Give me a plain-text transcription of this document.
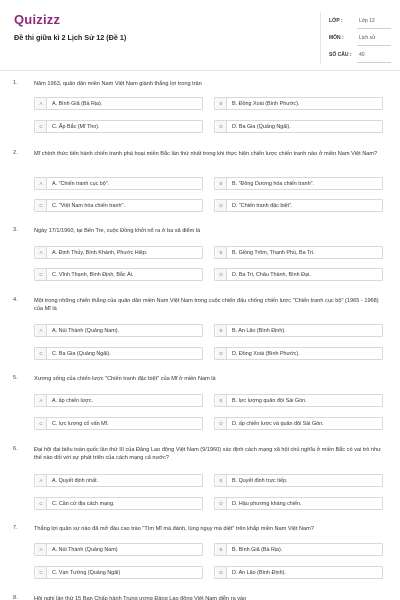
Quizizz
Đề thi giữa kì 2 Lịch Sử 12 (Đề 1)
LỚP :	Lớp 12
MÔN :	Lịch sử
SỐ CÂU :	40
1.	Năm 1963, quân dân miền Nam Việt Nam giành thắng lợi trong trận
A	A. Bình Giã (Bà Rịa).	B	B. Đồng Xoài (Bình Phước).
C	C. Ấp Bắc (Mĩ Tho).	D	D. Ba Gia (Quảng Ngãi).
2.	Mĩ chính thức tiến hành chiến tranh phá hoại miền Bắc lần thứ nhất trong khi thực hiện chiến lược chiến tranh nào ở miền Nam Việt Nam?
A	A. "Chiến tranh cục bộ".	B	B. "Đông Dương hóa chiến tranh".
C	C. "Việt Nam hóa chiến tranh".	D	D. "Chiến tranh đặc biệt".
3.	Ngày 17/1/1960, tại Bến Tre, cuộc Đồng khởi nổ ra ở ba xã điểm là
A	A. Định Thủy, Bình Khánh, Phước Hiệp.	B	B. Giồng Trôm, Thạnh Phú, Ba Tri.
C	C. Vĩnh Thạnh, Bình Định, Bắc Ái.	D	D. Ba Tri, Châu Thành, Bình Đại.
4.	Một trong những chiến thắng của quân dân miền Nam Việt Nam trong cuộc chiến đấu chống chiến lược "Chiến tranh cục bộ" (1965 - 1968) của Mĩ là
A	A. Núi Thành (Quảng Nam).	B	B. An Lão (Bình Định).
C	C. Ba Gia (Quảng Ngãi).	D	D. Đồng Xoài (Bình Phước).
5.	Xương sống của chiến lược "Chiến tranh đặc biệt" của Mĩ ở miền Nam là
A	A. ấp chiến lược.	B	B. lực lượng quân đội Sài Gòn.
C	C. lực lượng cố vấn Mĩ.	D	D. ấp chiến lược và quân đội Sài Gòn.
6.	Đại hội đại biểu toàn quốc lần thứ III của Đảng Lao động Việt Nam (9/1960) xác định cách mạng xã hội chủ nghĩa ở miền Bắc có vai trò như thế nào đối với sự phát triển của cách mạng cả nước?
A	A. Quyết định nhất.	B	B. Quyết định trực tiếp.
C	C. Cần cứ địa cách mạng.	D	D. Hậu phương kháng chiến.
7.	Thắng lợi quân sự nào đã mở đầu cao trào "Tìm Mĩ mà đánh, lùng ngụy mà diệt" trên khắp miền Nam Việt Nam?
A	A. Núi Thành (Quảng Nam)	B	B. Bình Giã (Bà Rịa).
C	C. Vạn Tường (Quảng Ngãi)	D	D. An Lão (Bình Định).
8.	Hội nghị lần thứ 15 Ban Chấp hành Trung ương Đảng Lao động Việt Nam diễn ra vào
